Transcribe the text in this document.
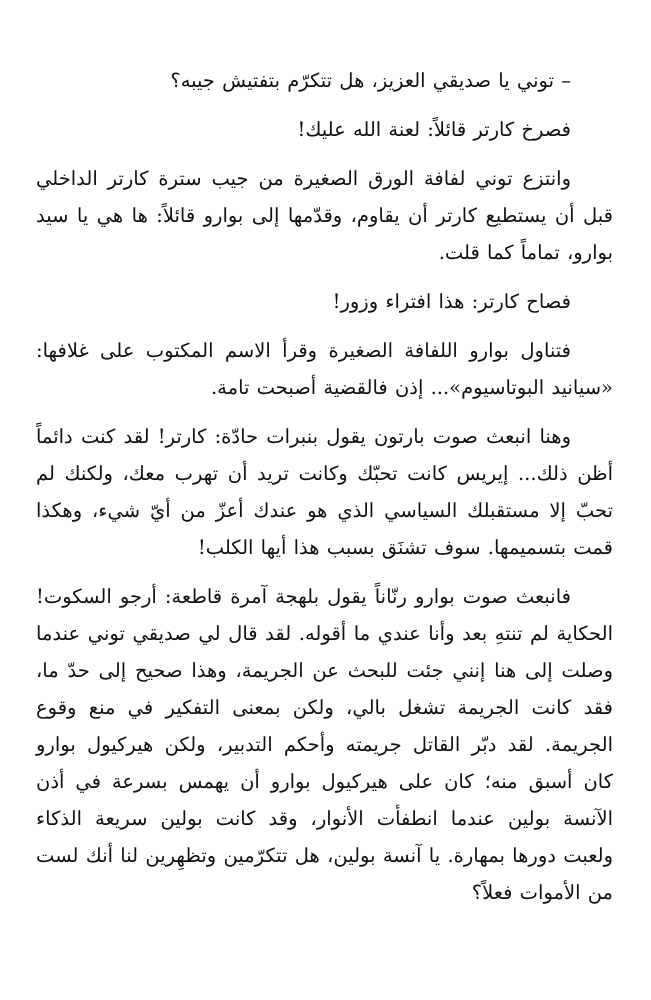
– توني يا صديقي العزيز، هل تتكرّم بتفتيش جيبه؟

فصرخ كارتر قائلاً: لعنة الله عليك!

وانتزع توني لفافة الورق الصغيرة من جيب سترة كارتر الداخلي قبل أن يستطيع كارتر أن يقاوم، وقدّمها إلى بوارو قائلاً: ها هي يا سيد بوارو، تماماً كما قلت.

فصاح كارتر: هذا افتراء وزور!

فتناول بوارو اللفافة الصغيرة وقرأ الاسم المكتوب على غلافها: «سيانيد البوتاسيوم»... إذن فالقضية أصبحت تامة.

وهنا انبعث صوت بارتون يقول بنبرات حادّة: كارتر! لقد كنت دائماً أظن ذلك... إيريس كانت تحبّك وكانت تريد أن تهرب معك، ولكنك لم تحبّ إلا مستقبلك السياسي الذي هو عندك أعزّ من أيّ شيء، وهكذا قمت بتسميمها. سوف تشنَق بسبب هذا أيها الكلب!

فانبعث صوت بوارو رنّاناً يقول بلهجة آمرة قاطعة: أرجو السكوت! الحكاية لم تنتهِ بعد وأنا عندي ما أقوله. لقد قال لي صديقي توني عندما وصلت إلى هنا إنني جئت للبحث عن الجريمة، وهذا صحيح إلى حدّ ما، فقد كانت الجريمة تشغل بالي، ولكن بمعنى التفكير في منع وقوع الجريمة. لقد دبّر القاتل جريمته وأحكم التدبير، ولكن هيركيول بوارو كان أسبق منه؛ كان على هيركيول بوارو أن يهمس بسرعة في أذن الآنسة بولين عندما انطفأت الأنوار، وقد كانت بولين سريعة الذكاء ولعبت دورها بمهارة. يا آنسة بولين، هل تتكرّمين وتظهِرين لنا أنك لست من الأموات فعلاً؟
